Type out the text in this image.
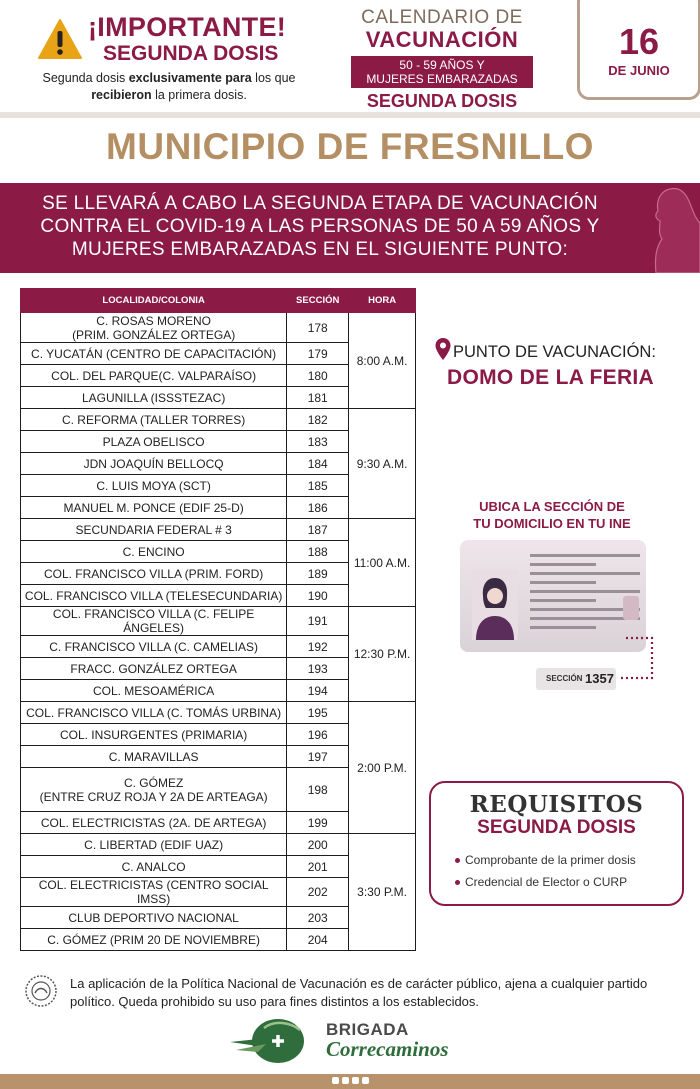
¡IMPORTANTE!
SEGUNDA DOSIS
Segunda dosis exclusivamente para los que recibieron la primera dosis.
CALENDARIO DE
VACUNACIÓN
50 - 59 AÑOS Y
MUJERES EMBARAZADAS
SEGUNDA DOSIS
16
DE JUNIO
MUNICIPIO DE FRESNILLO
SE LLEVARÁ A CABO LA SEGUNDA ETAPA DE VACUNACIÓN
CONTRA EL COVID-19 A LAS PERSONAS DE 50 A 59 AÑOS Y
MUJERES EMBARAZADAS EN EL SIGUIENTE PUNTO:
LOCALIDAD/COLONIA	SECCIÓN	HORA
C. ROSAS MORENO
(PRIM. GONZÁLEZ ORTEGA)	178	8:00 A.M.
C. YUCATÁN (CENTRO DE CAPACITACIÓN)	179	
COL. DEL PARQUE(C. VALPARAÍSO)	180	
LAGUNILLA (ISSSTEZAC)	181	
C. REFORMA (TALLER TORRES)	182	9:30 A.M.
PLAZA OBELISCO	183	
JDN JOAQUÍN BELLOCQ	184	
C. LUIS MOYA (SCT)	185	
MANUEL M. PONCE (EDIF 25-D)	186	
SECUNDARIA FEDERAL # 3	187	11:00 A.M.
C. ENCINO	188	
COL. FRANCISCO VILLA (PRIM. FORD)	189	
COL. FRANCISCO VILLA (TELESECUNDARIA)	190	
COL. FRANCISCO VILLA (C. FELIPE ÁNGELES)	191	12:30 P.M.
C. FRANCISCO VILLA (C. CAMELIAS)	192	
FRACC. GONZÁLEZ ORTEGA	193	
COL. MESOAMÉRICA	194	
COL. FRANCISCO VILLA (C. TOMÁS URBINA)	195	2:00 P.M.
COL. INSURGENTES (PRIMARIA)	196	
C. MARAVILLAS	197	
C. GÓMEZ
(ENTRE CRUZ ROJA Y 2A DE ARTEAGA)	198	
COL. ELECTRICISTAS (2A. DE ARTEGA)	199	
C. LIBERTAD (EDIF UAZ)	200	3:30 P.M.
C. ANALCO	201	
COL. ELECTRICISTAS (CENTRO SOCIAL IMSS)	202	
CLUB DEPORTIVO NACIONAL	203	
C. GÓMEZ (PRIM 20 DE NOVIEMBRE)	204	
PUNTO DE VACUNACIÓN:
DOMO DE LA FERIA
UBICA LA SECCIÓN DE
TU DOMICILIO EN TU INE
SECCIÓN 1357
REQUISITOS
SEGUNDA DOSIS
Comprobante de la primer dosis
Credencial de Elector o CURP
La aplicación de la Política Nacional de Vacunación es de carácter público, ajena a cualquier partido político. Queda prohibido su uso para fines distintos a los establecidos.
BRIGADA
Correcaminos
